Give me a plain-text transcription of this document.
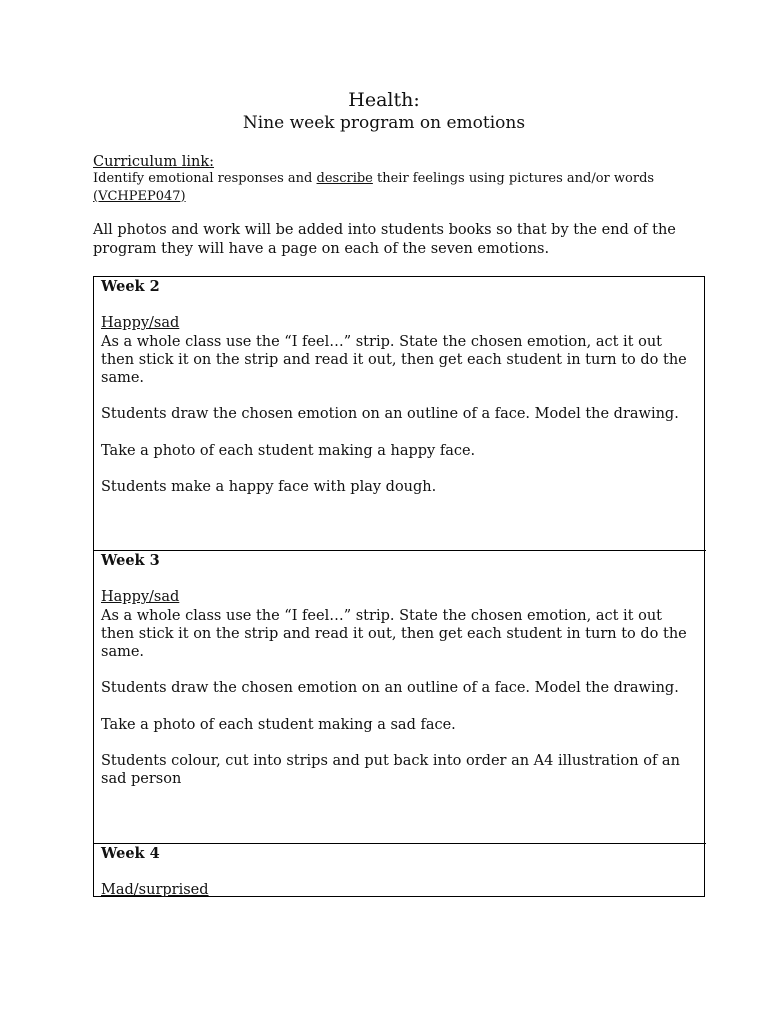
Health:
Nine week program on emotions
Curriculum link:
Identify emotional responses and describe their feelings using pictures and/or words (VCHPEP047)
All photos and work will be added into students books so that by the end of the program they will have a page on each of the seven emotions.

Week 2

Happy/sad

As a whole class use the “I feel…” strip. State the chosen emotion, act it out then stick it on the strip and read it out, then get each student in turn to do the same.

Students draw the chosen emotion on an outline of a face. Model the drawing.

Take a photo of each student making a happy face.

Students make a happy face with play dough.

Week 3

Happy/sad

As a whole class use the “I feel…” strip. State the chosen emotion, act it out then stick it on the strip and read it out, then get each student in turn to do the same.

Students draw the chosen emotion on an outline of a face. Model the drawing.

Take a photo of each student making a sad face.

Students colour, cut into strips and put back into order an A4 illustration of an sad person

Week 4

Mad/surprised
